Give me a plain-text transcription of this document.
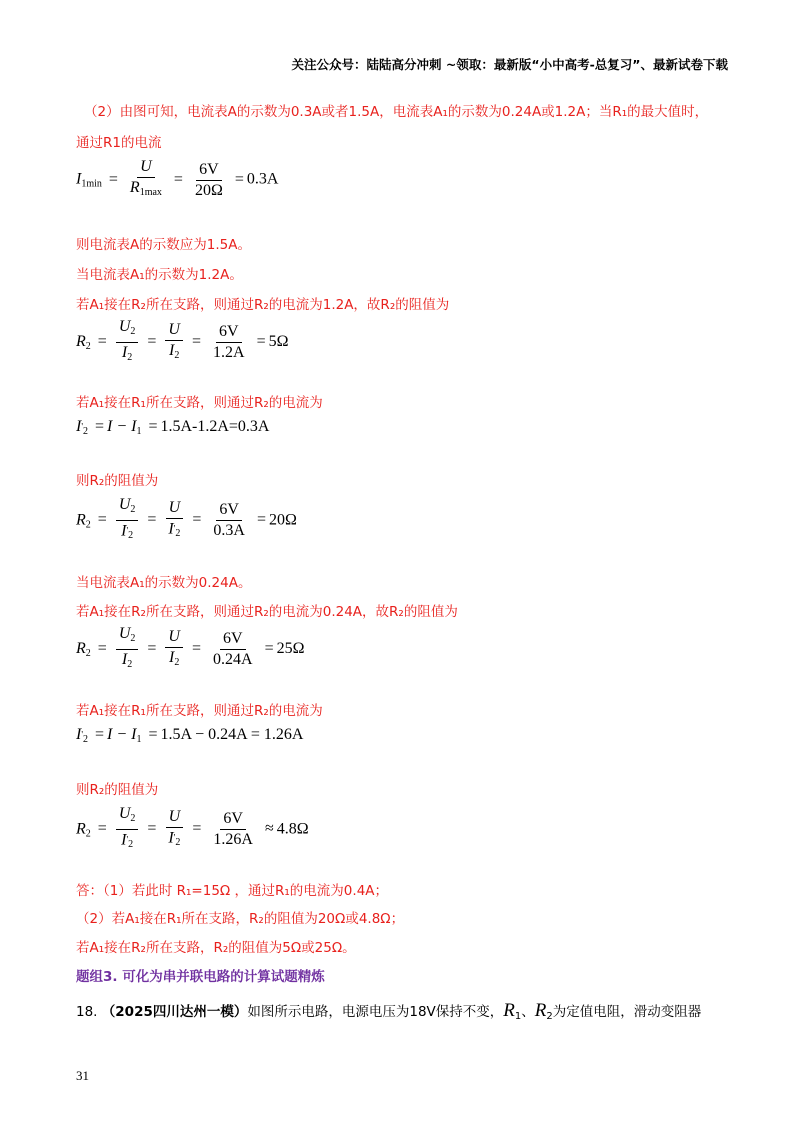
关注公众号：陆陆高分冲刺 ~领取：最新版“小中高考-总复习”、最新试卷下载
（2）由图可知，电流表A的示数为0.3A或者1.5A，电流表A₁的示数为0.24A或1.2A；当R₁的最大值时，
通过R1的电流
$I_{1min} = \frac{U}{R_{1max}} = \frac{6V}{20\Omega} = 0.3A$
则电流表A的示数应为1.5A。
当电流表A₁的示数为1.2A。
若A₁接在R₂所在支路，则通过R₂的电流为1.2A，故R₂的阻值为
$R_2 = \frac{U_2}{I_2} = \frac{U}{I_2} = \frac{6V}{1.2A} = 5\Omega$
若A₁接在R₁所在支路，则通过R₂的电流为
$I_{'2} = I - I_1 = 1.5A-1.2A=0.3A$
则R₂的阻值为
$R_2 = \frac{U_2}{I_{'2}} = \frac{U}{I_{'2}} = \frac{6V}{0.3A} = 20\Omega$
当电流表A₁的示数为0.24A。
若A₁接在R₂所在支路，则通过R₂的电流为0.24A，故R₂的阻值为
$R_2 = \frac{U_2}{I_2} = \frac{U}{I_2} = \frac{6V}{0.24A} = 25\Omega$
若A₁接在R₁所在支路，则通过R₂的电流为
$I_{'2} = I - I_1 = 1.5A - 0.24A = 1.26A$
则R₂的阻值为
$R_2 = \frac{U_2}{I_{'2}} = \frac{U}{I_{'2}} = \frac{6V}{1.26A} \approx 4.8\Omega$
答：（1）若此时 R₁=15Ω ，通过R₁的电流为0.4A；
（2）若A₁接在R₁所在支路，R₂的阻值为20Ω或4.8Ω；
若A₁接在R₂所在支路，R₂的阻值为5Ω或25Ω。
题组3. 可化为串并联电路的计算试题精炼
18. （2025四川达州一模）如图所示电路，电源电压为18V保持不变，$R_1$、$R_2$为定值电阻，滑动变阻器
31
